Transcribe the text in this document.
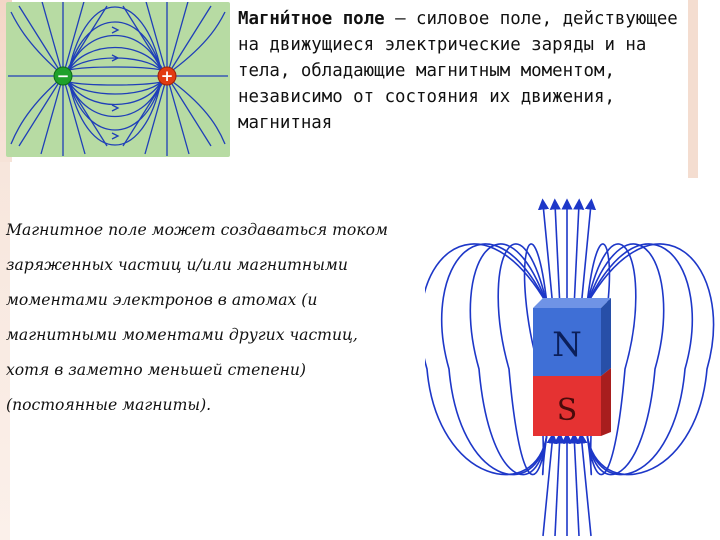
−	+

Магни́тное поле — силовое поле, действующее на движущиеся электрические заряды и на тела, обладающие магнитным моментом, независимо от состояния их движения, магнитная

Магнитное поле может создаваться током заряженных частиц и/или магнитными моментами электронов в атомах (и магнитными моментами других частиц, хотя в заметно меньшей степени) (постоянные магниты).

N
S
